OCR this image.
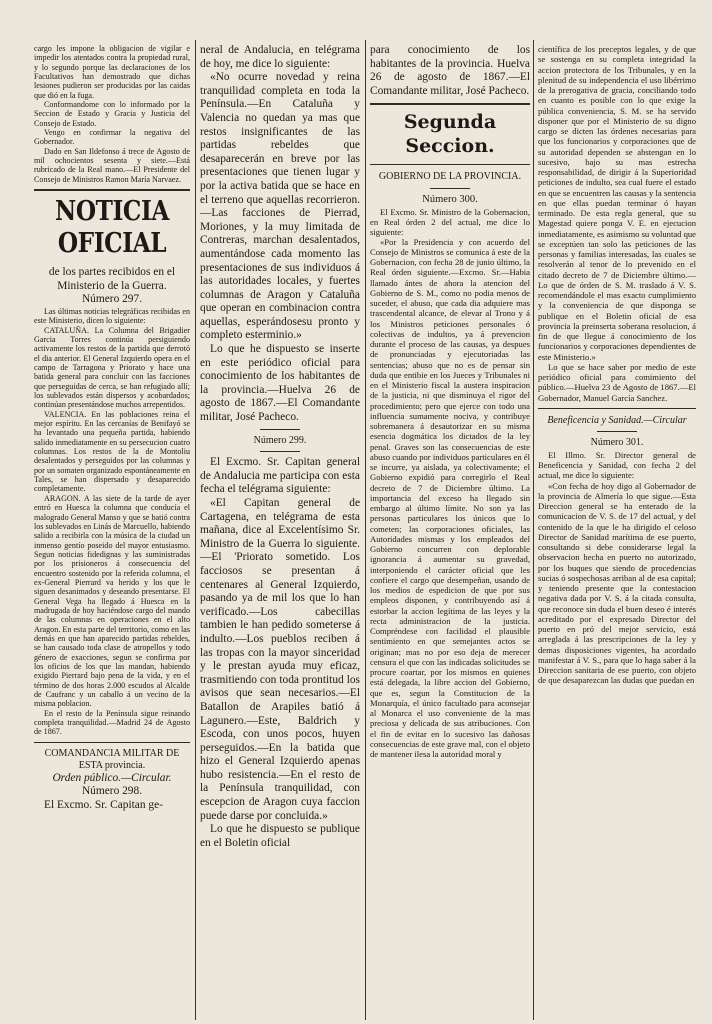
cargo les impone la obligacion de vigilar e impedir los atentados contra la propiedad rural, y lo segundo porque las declaraciones de los Facultativos han demostrado que dichas lesiones pudieron ser producidas por las caidas que dió en la fuga.

Conformandome con lo informado por la Seccion de Estado y Gracia y Justicia del Consejo de Estado.

Vengo en confirmar la negativa del Gobernador.

Dado en San Ildefonso á trece de Agosto de mil ochocientos sesenta y siete.—Está rubricado de la Real mano.—El Presidente del Consejo de Ministros Ramon María Narvaez.

NOTICIA OFICIAL

de los partes recibidos en el Ministerio de la Guerra.

Número 297.

Las últimas noticias telegráficas recibidas en este Ministerio, dicen lo siguiente:

CATALUÑA. La Columna del Brigadier Garcia Torres continúa persiguiendo activamente los restos de la partida que derrotó el dia anterior. El General Izquierdo opera en el campo de Tarragona y Priorato y hace una batida general para concluir con las facciones que perseguidas de cerca, se han refugiado allí; los sublevados están dispersos y acobardados; continúan presentándose muchos arrepentidos.

VALENCIA. En las poblaciones reina el mejor espíritu. En las cercanías de Benifayó se ha levantado una pequeña partida, habiendo salido inmediatamente en su persecucion cuatro columnas. Los restos de la de Montoliu desalentados y perseguidos por las columnas y por un somaten organizado espontáneamente en Tales, se han dispersado y desaparecido completamente.

ARAGON. A las siete de la tarde de ayer entró en Huesca la columna que conducía el malogrado General Manso y que se batió contra los sublevados en Linás de Marcuello, habiendo salido a recibirla con la música de la ciudad un inmenso gentío poseido del mayor entusiasmo. Segun noticias fidedignas y las suministradas por los prisioneros á consecuencia del encuentro sostenido por la referida columna, el ex-General Pierrard va herido y los que le siguen desanimados y deseando presentarse. El General Vega ha llegado á Huesca en la madrugada de hoy haciéndose cargo del mando de las columnas en operaciones en el alto Aragon. En esta parte del territorio, como en las demás en que han aparecido partidas rebeldes, se han causado toda clase de atropellos y todo género de exacciones, segun se confirma por los oficios de los que las mandan, habiendo exigido Pierrard bajo pena de la vida, y en el término de dos horas 2.000 escudos al Alcalde de Caufranc y un caballo á un vecino de la misma poblacion.

En el resto de la Península sigue reinando completa tranquilidad.—Madrid 24 de Agosto de 1867.

COMANDANCIA MILITAR DE ESTA provincia.

Orden público.—Circular.

Número 298.

El Excmo. Sr. Capitan ge-

neral de Andalucia, en telégrama de hoy, me dice lo siguiente:

«No ocurre novedad y reina tranquilidad completa en toda la Península.—En Cataluña y Valencia no quedan ya mas que restos insignificantes de las partidas rebeldes que desaparecerán en breve por las presentaciones que tienen lugar y por la activa batida que se hace en el terreno que aquellas recorrieron.—Las facciones de Pierrad, Moriones, y la muy limitada de Contreras, marchan desalentados, aumentándose cada momento las presentaciones de sus individuos á las autoridades locales, y fuertes columnas de Aragon y Cataluña que operan en combinacion contra aquellas, esperándosesu pronto y completo esterminio.»

Lo que he dispuesto se inserte en este periódico oficial para conocimiento de los habitantes de la provincia.—Huelva 26 de agosto de 1867.—El Comandante militar, José Pacheco.

Número 299.

El Excmo. Sr. Capitan general de Andalucia me participa con esta fecha el telégrama siguiente:

«El Capitan general de Cartagena, en telégrama de esta mañana, dice al Excelentísimo Sr. Ministro de la Guerra lo siguiente.—El 'Priorato sometido. Los facciosos se presentan á centenares al General Izquierdo, pasando ya de mil los que lo han verificado.—Los cabecillas tambien le han pedido someterse á indulto.—Los pueblos reciben á las tropas con la mayor sinceridad y le prestan ayuda muy eficaz, trasmitiendo con toda prontitud los avisos que sean necesarios.—El Batallon de Arapiles batió á Lagunero.—Este, Baldrich y Escoda, con unos pocos, huyen perseguidos.—En la batida que hizo el General Izquierdo apenas hubo resistencia.—En el resto de la Península tranquilidad, con escepcion de Aragon cuya faccion puede darse por concluida.»

Lo que he dispuesto se publique en el Boletin oficial

para conocimiento de los habitantes de la provincia. Huelva 26 de agosto de 1867.—El Comandante militar, José Pacheco.

Segunda Seccion.

GOBIERNO DE LA PROVINCIA.

Número 300.

El Excmo. Sr. Ministro de la Gobernacion, en Real órden 2 del actual, me dice lo siguiente:

«Por la Presidencia y con acuerdo del Consejo de Ministros se comunica á este de la Gobernacion, con fecha 28 de junio último, la Real órden siguiente.—Excmo. Sr.—Habia llamado ántes de ahora la atencion del Gobierno de S. M., como no podia menos de suceder, el abuso, que cada dia adquiere mas trascendental alcance, de elevar al Trono y á los Ministros peticiones personales ó colectivas de indultos, ya á prevencion durante el proceso de las causas, ya despues de pronunciadas y ejecutoriadas las sentencias; abuso que no es de pensar sin duda que entibie en los Jueces y Tribunales ni en el Ministerio fiscal la austera inspiracion de la justicia, ni que disminuya el rigor del procedimiento; pero que ejerce con todo una influencia sumamente nociva, y contribuye sobremanera á desautorizar en su misma esencia dogmática los dictados de la ley penal. Graves son las consecuencias de este abuso cuando por individuos particulares en él se incurre, ya aislada, ya colectivamente; el Gobierno expidió para corregirlo el Real decreto de 7 de Diciembre último. La importancia del exceso ha llegado sin embargo al último límite. No son ya las personas particulares los únicos que lo cometen; las corporaciones oficiales, las Autoridades mismas y los empleados del Gobierno concurren con deplorable ignorancia á aumentar su gravedad, interponiendo el carácter oficial que les confiere el cargo que desempeñan, usando de los medios de espedicion de que por sus empleos disponen, y contribuyendo así á estorbar la accion legítima de las leyes y la recta administracion de la justicia. Compréndese con facilidad el plausible sentimiento en que semejantes actos se originan; mas no por eso deja de merecer censura el que con las indicadas solicitudes se procure coartar, por los mismos en quienes está delegada, la libre accion del Gobierno, que es, segun la Constitucion de la Monarquía, el único facultado para aconsejar al Monarca el uso conveniente de la mas preciosa y delicada de sus atribuciones. Con el fin de evitar en lo sucesivo las dañosas consecuencias de este grave mal, con el objeto de mantener ilesa la autoridad moral y

científica de los preceptos legales, y de que se sostenga en su completa integridad la accion protectora de los Tribunales, y en la plenitud de su independencia el uso libérrimo de la prerogativa de gracia, conciliando todo en cuanto es posible con lo que exige la pública conveniencia, S. M. se ha servido disponer que por el Ministerio de su digno cargo se dicten las órdenes necesarias para que los funcionarios y corporaciones que de su autoridad dependen se abstengan en lo sucesivo, bajo su mas estrecha responsabilidad, de dirigir á la Superioridad peticiones de indulto, sea cual fuere el estado en que se encuentren las causas y la sentencia en que ellas puedan terminar ó hayan terminado. De esta regla general, que su Magestad quiere ponga V. E. en ejecucion inmediatamente, es asimismo su voluntad que se exceptúen tan solo las peticiones de las personas y familias interesadas, las cuales se resolverán al tenor de lo prevenido en el citado decreto de 7 de Diciembre último.—Lo que de órden de S. M. traslado á V. S. recomendándole el mas exacto cumplimiento y la conveniencia de que disponga se publique en el Boletin oficial de esa provincia la preinserta soberana resolucion, á fin de que llegue á conocimiento de los funcionarios y corporaciones dependientes de este Ministerio.»

Lo que se hace saber por medio de este periódico oficial para comimiento del público.—Huelva 23 de Agosto de 1867.—El Gobernador, Manuel García Sanchez.

Beneficencia y Sanidad.—Circular

Número 301.

El Illmo. Sr. Director general de Beneficencia y Sanidad, con fecha 2 del actual, me dice lo siguiente:

«Con fecha de hoy digo al Gobernador de la provincia de Almería lo que sigue.—Esta Direccion general se ha enterado de la comunicacion de V. S. de 17 del actual, y del contenido de la que le ha dirigido el celoso Director de Sanidad marítima de ese puerto, consultando si debe considerarse legal la observacion hecha en puerto no autorizado, por los buques que siendo de procedencias sucias ó sospechosas arriban al de esa capital; y teniendo presente que la contestacion negativa dada por V. S. á la citada consulta, que reconoce sin duda el buen deseo é interés acreditado por el expresado Director del puerto en pró del mejor servicio, está arreglada á las prescripciones de la ley y demas disposiciones vigentes, ha acordado manifestar á V. S., para que lo haga saber á la Direccion sanitaria de ese puerto, con objeto de que desaparezcan las dudas que puedan en
